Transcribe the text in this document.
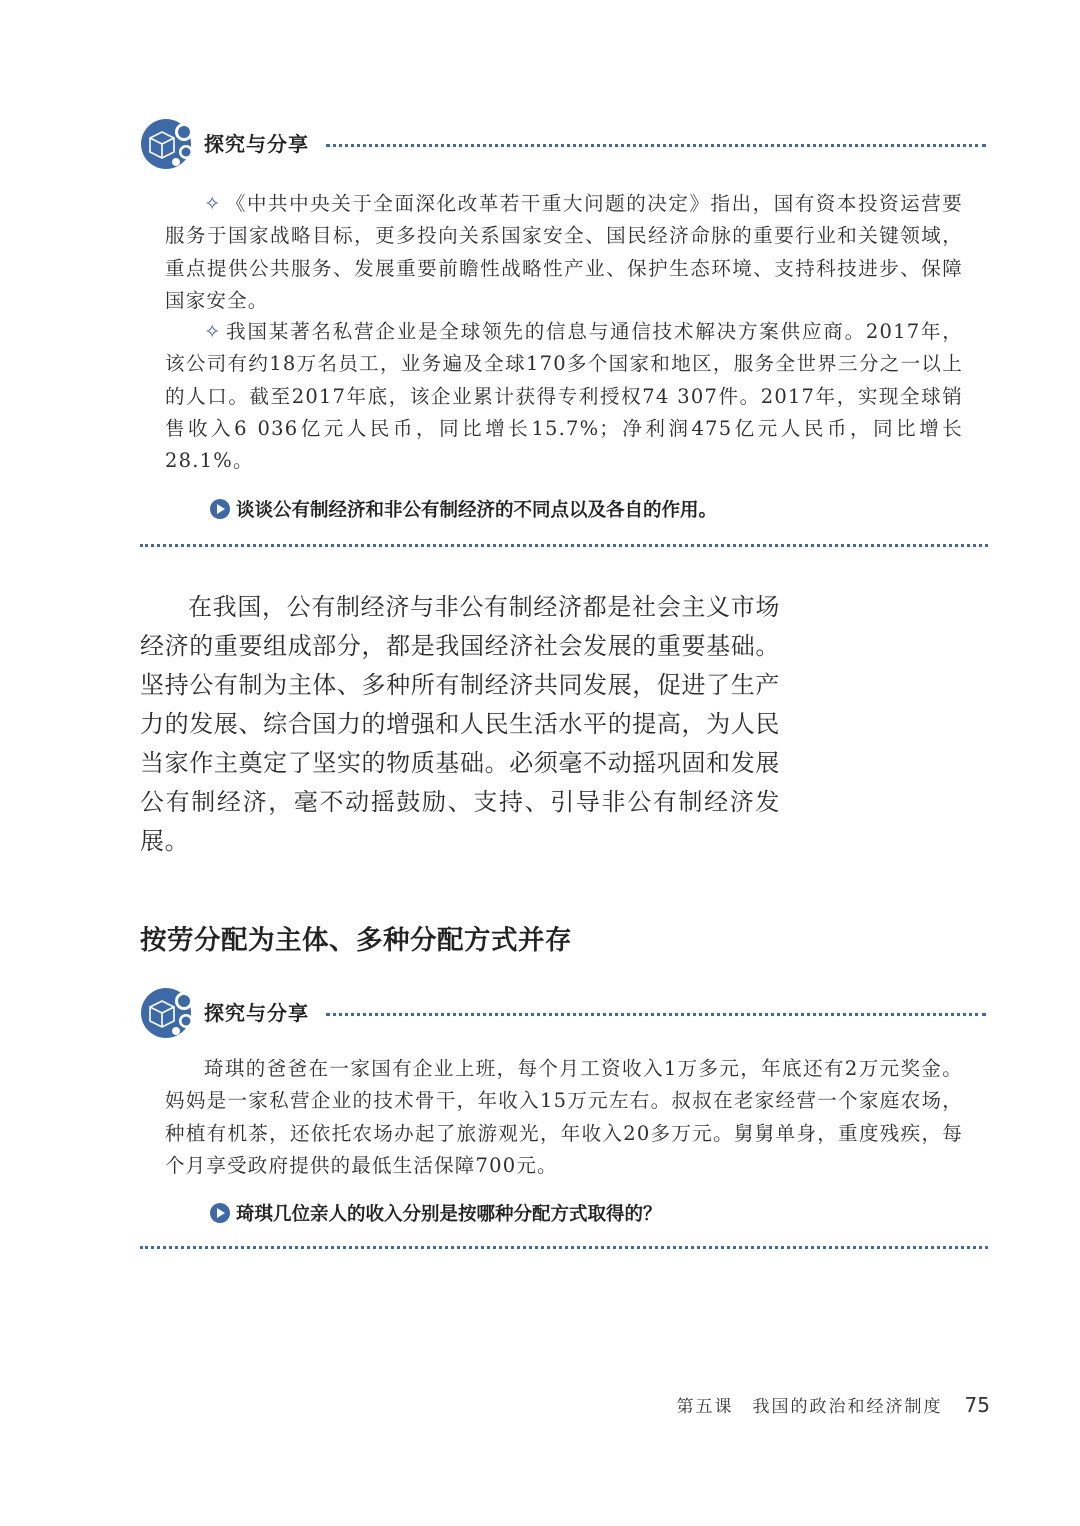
探究与分享

✧ 《中共中央关于全面深化改革若干重大问题的决定》指出，国有资本投资运营要服务于国家战略目标，更多投向关系国家安全、国民经济命脉的重要行业和关键领域，重点提供公共服务、发展重要前瞻性战略性产业、保护生态环境、支持科技进步、保障国家安全。

✧ 我国某著名私营企业是全球领先的信息与通信技术解决方案供应商。2017年，该公司有约18万名员工，业务遍及全球170多个国家和地区，服务全世界三分之一以上的人口。截至2017年底，该企业累计获得专利授权74 307件。2017年，实现全球销售收入6 036亿元人民币，同比增长15.7%；净利润475亿元人民币，同比增长28.1%。

谈谈公有制经济和非公有制经济的不同点以及各自的作用。

在我国，公有制经济与非公有制经济都是社会主义市场经济的重要组成部分，都是我国经济社会发展的重要基础。坚持公有制为主体、多种所有制经济共同发展，促进了生产力的发展、综合国力的增强和人民生活水平的提高，为人民当家作主奠定了坚实的物质基础。必须毫不动摇巩固和发展公有制经济，毫不动摇鼓励、支持、引导非公有制经济发展。

按劳分配为主体、多种分配方式并存
探究与分享

琦琪的爸爸在一家国有企业上班，每个月工资收入1万多元，年底还有2万元奖金。妈妈是一家私营企业的技术骨干，年收入15万元左右。叔叔在老家经营一个家庭农场，种植有机茶，还依托农场办起了旅游观光，年收入20多万元。舅舅单身，重度残疾，每个月享受政府提供的最低生活保障700元。

琦琪几位亲人的收入分别是按哪种分配方式取得的？
第五课　我国的政治和经济制度 75
